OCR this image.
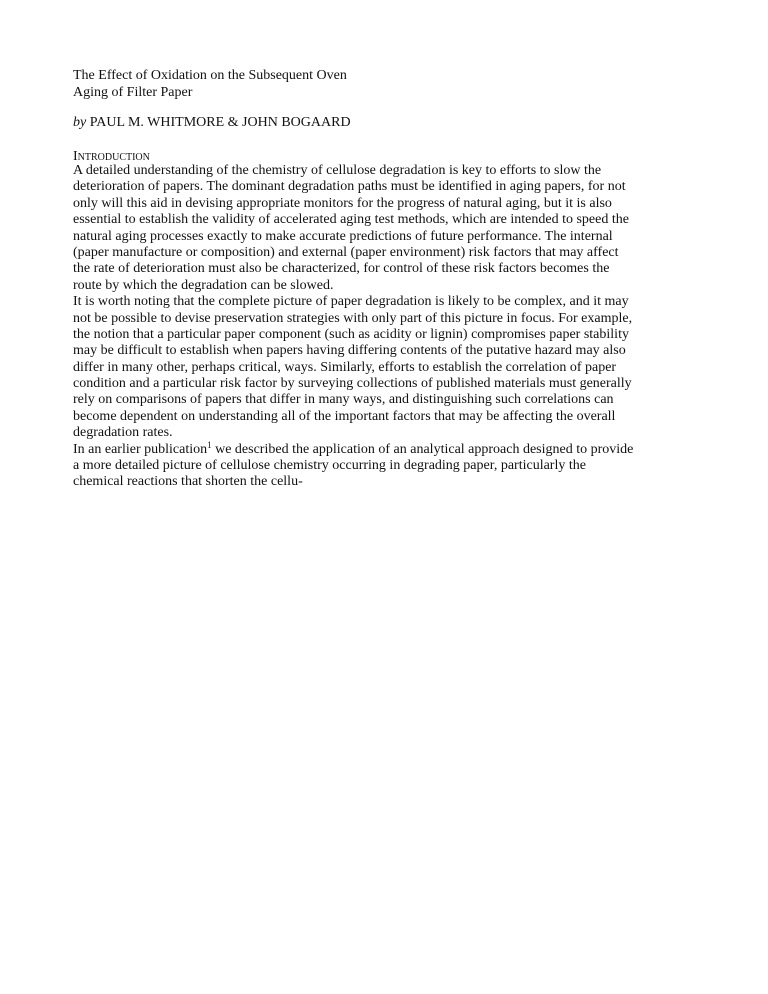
The Effect of Oxidation on the Subsequent Oven
Aging of Filter Paper
by PAUL M. WHITMORE & JOHN BOGAARD
Introduction
A detailed understanding of the chemistry of cellulose degradation is key to efforts to slow the
deterioration of papers. The dominant degradation paths must be identified in aging papers, for not
only will this aid in devising appropriate monitors for the progress of natural aging, but it is also
essential to establish the validity of accelerated aging test methods, which are intended to speed the
natural aging processes exactly to make accurate predictions of future performance. The internal
(paper manufacture or composition) and external (paper environment) risk factors that may affect
the rate of deterioration must also be characterized, for control of these risk factors becomes the
route by which the degradation can be slowed.
It is worth noting that the complete picture of paper degradation is likely to be complex, and it may
not be possible to devise preservation strategies with only part of this picture in focus. For example,
the notion that a particular paper component (such as acidity or lignin) compromises paper stability
may be difficult to establish when papers having differing contents of the putative hazard may also
differ in many other, perhaps critical, ways. Similarly, efforts to establish the correlation of paper
condition and a particular risk factor by surveying collections of published materials must generally
rely on comparisons of papers that differ in many ways, and distinguishing such correlations can
become dependent on understanding all of the important factors that may be affecting the overall
degradation rates.
In an earlier publication$^1$ we described the application of an analytical approach designed to provide
a more detailed picture of cellulose chemistry occurring in degrading paper, particularly the
chemical reactions that shorten the cellu-
